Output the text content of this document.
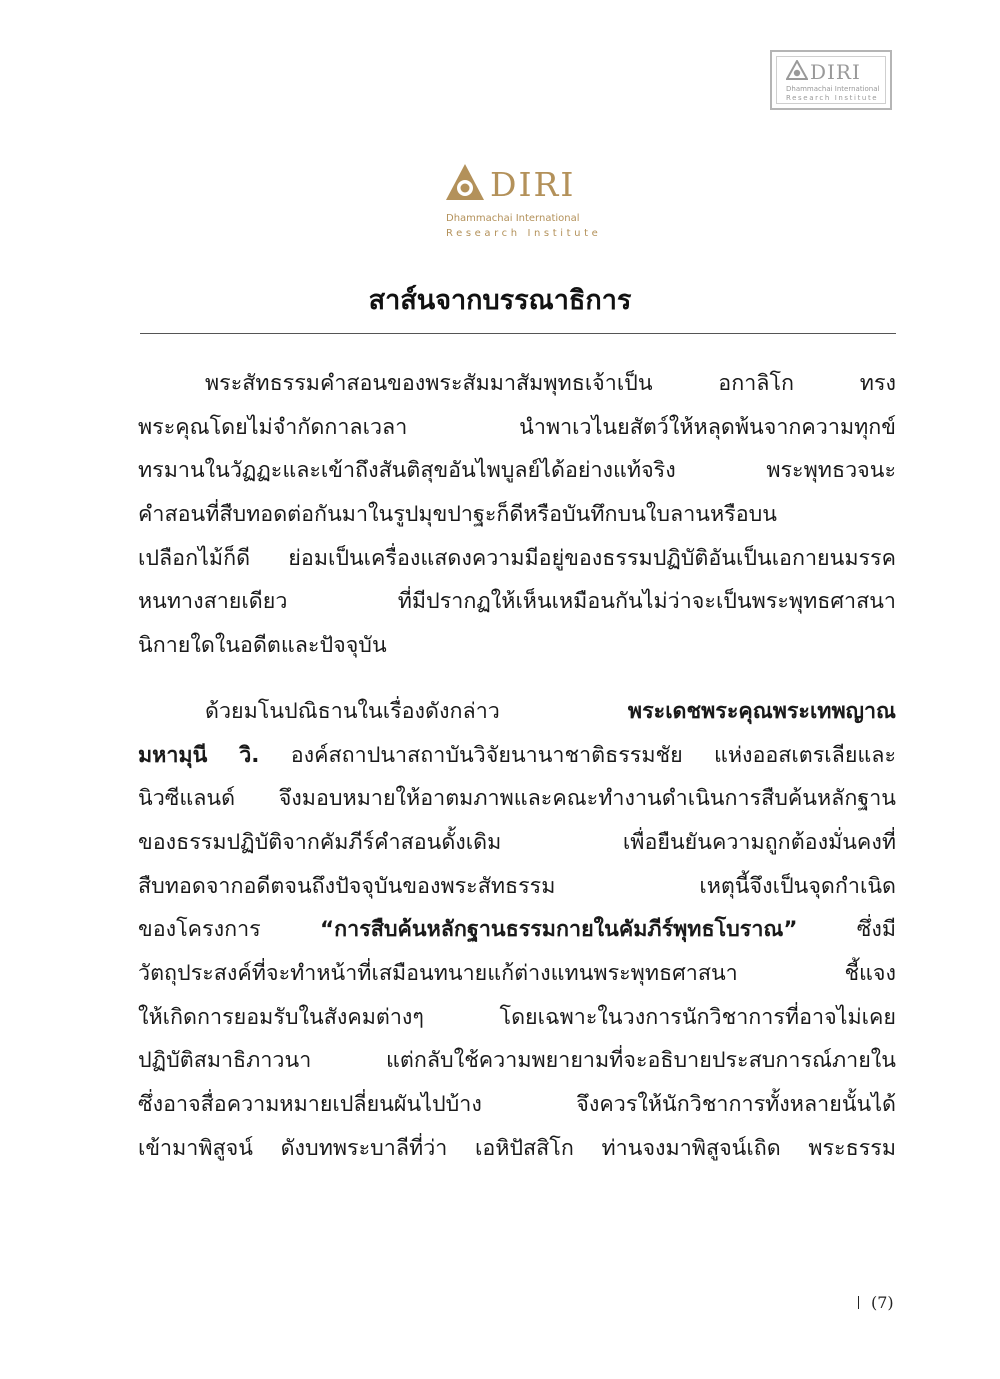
DIRI
Dhammachai International
Research Institute
DIRI
Dhammachai International
Research Institute
สาส์นจากบรรณาธิการ
พระสัทธรรมคำสอนของพระสัมมาสัมพุทธเจ้าเป็น อกาลิโก ทรง
พระคุณโดยไม่จำกัดกาลเวลา นำพาเวไนยสัตว์ให้หลุดพ้นจากความทุกข์
ทรมานในวัฏฏะและเข้าถึงสันติสุขอันไพบูลย์ได้อย่างแท้จริง พระพุทธวจนะ
คำสอนที่สืบทอดต่อกันมาในรูปมุขปาฐะก็ดีหรือบันทึกบนใบลานหรือบน
เปลือกไม้ก็ดี ย่อมเป็นเครื่องแสดงความมีอยู่ของธรรมปฏิบัติอันเป็นเอกายนมรรค
หนทางสายเดียว ที่มีปรากฏให้เห็นเหมือนกันไม่ว่าจะเป็นพระพุทธศาสนา
นิกายใดในอดีตและปัจจุบัน
ด้วยมโนปณิธานในเรื่องดังกล่าว	พระเดชพระคุณพระเทพญาณ
มหามุนี วิ. องค์สถาปนาสถาบันวิจัยนานาชาติธรรมชัย แห่งออสเตรเลียและ
นิวซีแลนด์ จึงมอบหมายให้อาตมภาพและคณะทำงานดำเนินการสืบค้นหลักฐาน
ของธรรมปฏิบัติจากคัมภีร์คำสอนดั้งเดิม เพื่อยืนยันความถูกต้องมั่นคงที่
สืบทอดจากอดีตจนถึงปัจจุบันของพระสัทธรรม เหตุนี้จึงเป็นจุดกำเนิด
ของโครงการ	“การสืบค้นหลักฐานธรรมกายในคัมภีร์พุทธโบราณ”	ซึ่งมี
วัตถุประสงค์ที่จะทำหน้าที่เสมือนทนายแก้ต่างแทนพระพุทธศาสนา ชี้แจง
ให้เกิดการยอมรับในสังคมต่างๆ โดยเฉพาะในวงการนักวิชาการที่อาจไม่เคย
ปฏิบัติสมาธิภาวนา แต่กลับใช้ความพยายามที่จะอธิบายประสบการณ์ภายใน
ซึ่งอาจสื่อความหมายเปลี่ยนผันไปบ้าง จึงควรให้นักวิชาการทั้งหลายนั้นได้
เข้ามาพิสูจน์ ดังบทพระบาลีที่ว่า เอหิปัสสิโก ท่านจงมาพิสูจน์เถิด พระธรรม
(7)
